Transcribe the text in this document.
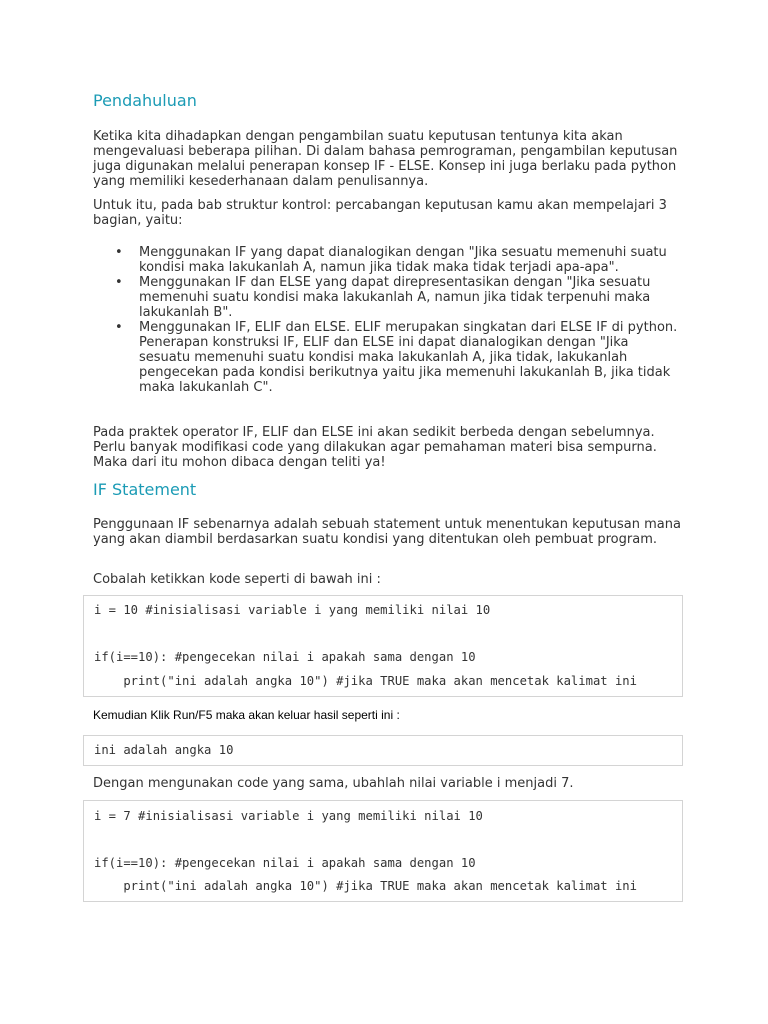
Pendahuluan

Ketika kita dihadapkan dengan pengambilan suatu keputusan tentunya kita akan mengevaluasi beberapa pilihan. Di dalam bahasa pemrograman, pengambilan keputusan juga digunakan melalui penerapan konsep IF - ELSE. Konsep ini juga berlaku pada python yang memiliki kesederhanaan dalam penulisannya.

Untuk itu, pada bab struktur kontrol: percabangan keputusan kamu akan mempelajari 3 bagian, yaitu:

• Menggunakan IF yang dapat dianalogikan dengan "Jika sesuatu memenuhi suatu kondisi maka lakukanlah A, namun jika tidak maka tidak terjadi apa-apa".
• Menggunakan IF dan ELSE yang dapat direpresentasikan dengan "Jika sesuatu memenuhi suatu kondisi maka lakukanlah A, namun jika tidak terpenuhi maka lakukanlah B".
• Menggunakan IF, ELIF dan ELSE. ELIF merupakan singkatan dari ELSE IF di python. Penerapan konstruksi IF, ELIF dan ELSE ini dapat dianalogikan dengan "Jika sesuatu memenuhi suatu kondisi maka lakukanlah A, jika tidak, lakukanlah pengecekan pada kondisi berikutnya yaitu jika memenuhi lakukanlah B, jika tidak maka lakukanlah C".

Pada praktek operator IF, ELIF dan ELSE ini akan sedikit berbeda dengan sebelumnya. Perlu banyak modifikasi code yang dilakukan agar pemahaman materi bisa sempurna. Maka dari itu mohon dibaca dengan teliti ya!

IF Statement

Penggunaan IF sebenarnya adalah sebuah statement untuk menentukan keputusan mana yang akan diambil berdasarkan suatu kondisi yang ditentukan oleh pembuat program.

Cobalah ketikkan kode seperti di bawah ini :

i = 10 #inisialisasi variable i yang memiliki nilai 10
if(i==10): #pengecekan nilai i apakah sama dengan 10
print("ini adalah angka 10") #jika TRUE maka akan mencetak kalimat ini

Kemudian Klik Run/F5 maka akan keluar hasil seperti ini :

ini adalah angka 10

Dengan mengunakan code yang sama, ubahlah nilai variable i menjadi 7.

i = 7 #inisialisasi variable i yang memiliki nilai 10
if(i==10): #pengecekan nilai i apakah sama dengan 10
print("ini adalah angka 10") #jika TRUE maka akan mencetak kalimat ini
